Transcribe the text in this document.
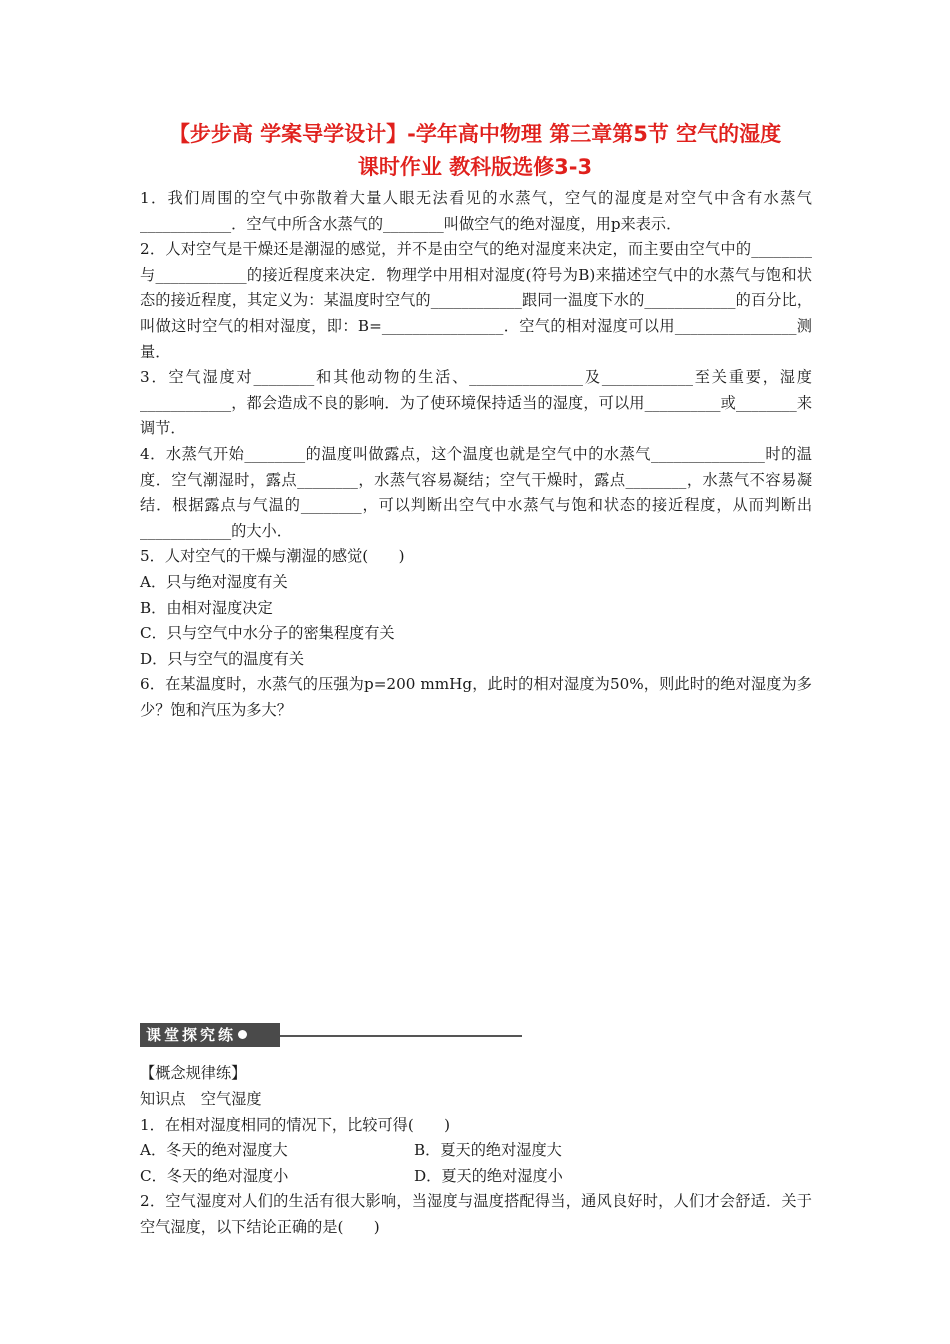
【步步高 学案导学设计】-学年高中物理 第三章第5节 空气的湿度
课时作业 教科版选修3-3

1．我们周围的空气中弥散着大量人眼无法看见的水蒸气，空气的湿度是对空气中含有水蒸气____________．空气中所含水蒸气的________叫做空气的绝对湿度，用p来表示．

2．人对空气是干燥还是潮湿的感觉，并不是由空气的绝对湿度来决定，而主要由空气中的________与____________的接近程度来决定．物理学中用相对湿度(符号为B)来描述空气中的水蒸气与饱和状态的接近程度，其定义为：某温度时空气的____________跟同一温度下水的____________的百分比，叫做这时空气的相对湿度，即：B=________________．空气的相对湿度可以用________________测量．

3．空气湿度对________和其他动物的生活、_______________及____________至关重要，湿度____________，都会造成不良的影响．为了使环境保持适当的湿度，可以用__________或________来调节．

4．水蒸气开始________的温度叫做露点，这个温度也就是空气中的水蒸气_______________时的温度．空气潮湿时，露点________，水蒸气容易凝结；空气干燥时，露点________，水蒸气不容易凝结．根据露点与气温的________，可以判断出空气中水蒸气与饱和状态的接近程度，从而判断出____________的大小．

5．人对空气的干燥与潮湿的感觉(　　)

A．只与绝对湿度有关

B．由相对湿度决定

C．只与空气中水分子的密集程度有关

D．只与空气的温度有关

6．在某温度时，水蒸气的压强为p=200 mmHg，此时的相对湿度为50%，则此时的绝对湿度为多少？饱和汽压为多大？

课堂探究练

【概念规律练】

知识点　空气湿度

1．在相对湿度相同的情况下，比较可得(　　)

A．冬天的绝对湿度大	B．夏天的绝对湿度大
C．冬天的绝对湿度小	D．夏天的绝对湿度小

2．空气湿度对人们的生活有很大影响，当湿度与温度搭配得当，通风良好时，人们才会舒适．关于空气湿度，以下结论正确的是(　　)
